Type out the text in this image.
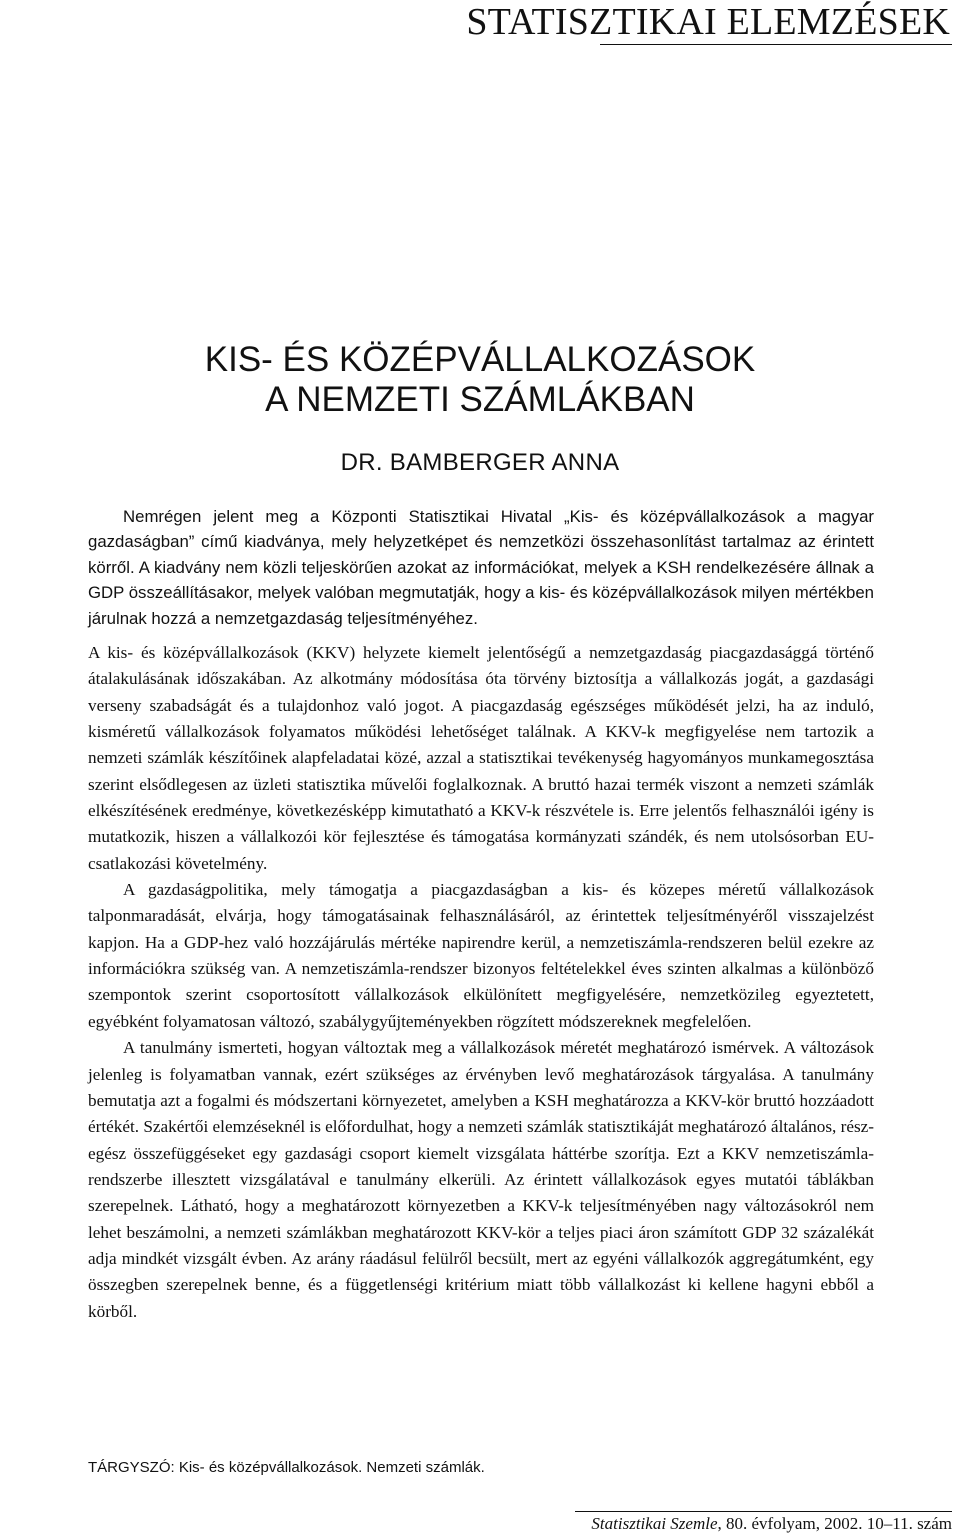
STATISZTIKAI ELEMZÉSEK
KIS- ÉS KÖZÉPVÁLLALKOZÁSOK
A NEMZETI SZÁMLÁKBAN
DR. BAMBERGER ANNA

Nemrégen jelent meg a Központi Statisztikai Hivatal „Kis- és középvállalkozások a magyar gazdaságban” című kiadványa, mely helyzetképet és nemzetközi összehasonlítást tartalmaz az érintett körről. A kiadvány nem közli teljeskörűen azokat az információkat, melyek a KSH rendelkezésére állnak a GDP összeállításakor, melyek valóban megmutatják, hogy a kis- és középvállalkozások milyen mértékben járulnak hozzá a nemzetgazdaság teljesítményéhez.

A kis- és középvállalkozások (KKV) helyzete kiemelt jelentőségű a nemzetgazdaság piacgazdasággá történő átalakulásának időszakában. Az alkotmány módosítása óta törvény biztosítja a vállalkozás jogát, a gazdasági verseny szabadságát és a tulajdonhoz való jogot. A piacgazdaság egészséges működését jelzi, ha az induló, kisméretű vállalkozások folyamatos működési lehetőséget találnak. A KKV-k megfigyelése nem tartozik a nemzeti számlák készítőinek alapfeladatai közé, azzal a statisztikai tevékenység hagyományos munkamegosztása szerint elsődlegesen az üzleti statisztika művelői foglalkoznak. A bruttó hazai termék viszont a nemzeti számlák elkészítésének eredménye, következésképp kimutatható a KKV-k részvétele is. Erre jelentős felhasználói igény is mutatkozik, hiszen a vállalkozói kör fejlesztése és támogatása kormányzati szándék, és nem utolsósorban EU-csatlakozási követelmény.

A gazdaságpolitika, mely támogatja a piacgazdaságban a kis- és közepes méretű vállalkozások talponmaradását, elvárja, hogy támogatásainak felhasználásáról, az érintettek teljesítményéről visszajelzést kapjon. Ha a GDP-hez való hozzájárulás mértéke napirendre kerül, a nemzetiszámla-rendszeren belül ezekre az információkra szükség van. A nemzetiszámla-rendszer bizonyos feltételekkel éves szinten alkalmas a különböző szempontok szerint csoportosított vállalkozások elkülönített megfigyelésére, nemzetközileg egyeztetett, egyébként folyamatosan változó, szabálygyűjteményekben rögzített módszereknek megfelelően.

A tanulmány ismerteti, hogyan változtak meg a vállalkozások méretét meghatározó ismérvek. A változások jelenleg is folyamatban vannak, ezért szükséges az érvényben levő meghatározások tárgyalása. A tanulmány bemutatja azt a fogalmi és módszertani környezetet, amelyben a KSH meghatározza a KKV-kör bruttó hozzáadott értékét. Szakértői elemzéseknél is előfordulhat, hogy a nemzeti számlák statisztikáját meghatározó általános, rész-egész összefüggéseket egy gazdasági csoport kiemelt vizsgálata háttérbe szorítja. Ezt a KKV nemzetiszámla-rendszerbe illesztett vizsgálatával e tanulmány elkerüli. Az érintett vállalkozások egyes mutatói táblákban szerepelnek. Látható, hogy a meghatározott környezetben a KKV-k teljesítményében nagy változásokról nem lehet beszámolni, a nemzeti számlákban meghatározott KKV-kör a teljes piaci áron számított GDP 32 százalékát adja mindkét vizsgált évben. Az arány ráadásul felülről becsült, mert az egyéni vállalkozók aggregátumként, egy összegben szerepelnek benne, és a függetlenségi kritérium miatt több vállalkozást ki kellene hagyni ebből a körből.

TÁRGYSZÓ: Kis- és középvállalkozások. Nemzeti számlák.
Statisztikai Szemle, 80. évfolyam, 2002. 10–11. szám
